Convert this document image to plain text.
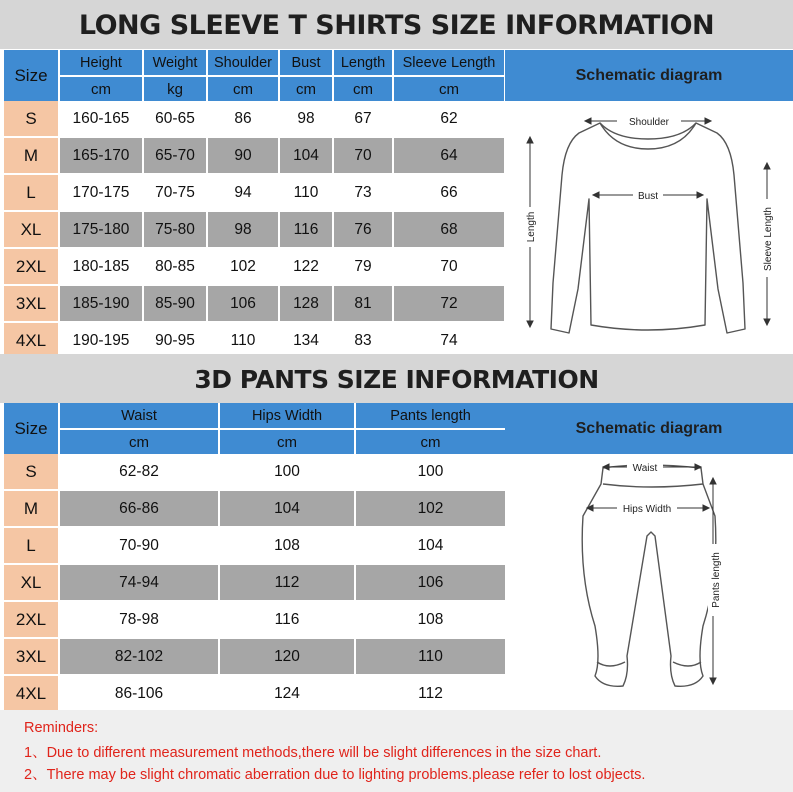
LONG SLEEVE T SHIRTS SIZE INFORMATION
Size	Height	Weight	Shoulder	Bust	Length	Sleeve Length
	cm	kg	cm	cm	cm	cm
S	160-165	60-65	86	98	67	62
M	165-170	65-70	90	104	70	64
L	170-175	70-75	94	110	73	66
XL	175-180	75-80	98	116	76	68
2XL	180-185	80-85	102	122	79	70
3XL	185-190	85-90	106	128	81	72
4XL	190-195	90-95	110	134	83	74
Schematic diagram
Shoulder
Bust
Length	Sleeve Length
3D PANTS SIZE INFORMATION
Size	Waist	Hips Width	Pants length
	cm	cm	cm
S	62-82	100	100
M	66-86	104	102
L	70-90	108	104
XL	74-94	112	106
2XL	78-98	116	108
3XL	82-102	120	110
4XL	86-106	124	112
Schematic diagram
Waist
Hips Width
Pants length
Reminders:
1、Due to different measurement methods,there will be slight differences in the size chart.
2、There may be slight chromatic aberration due to lighting problems.please refer to lost objects.
